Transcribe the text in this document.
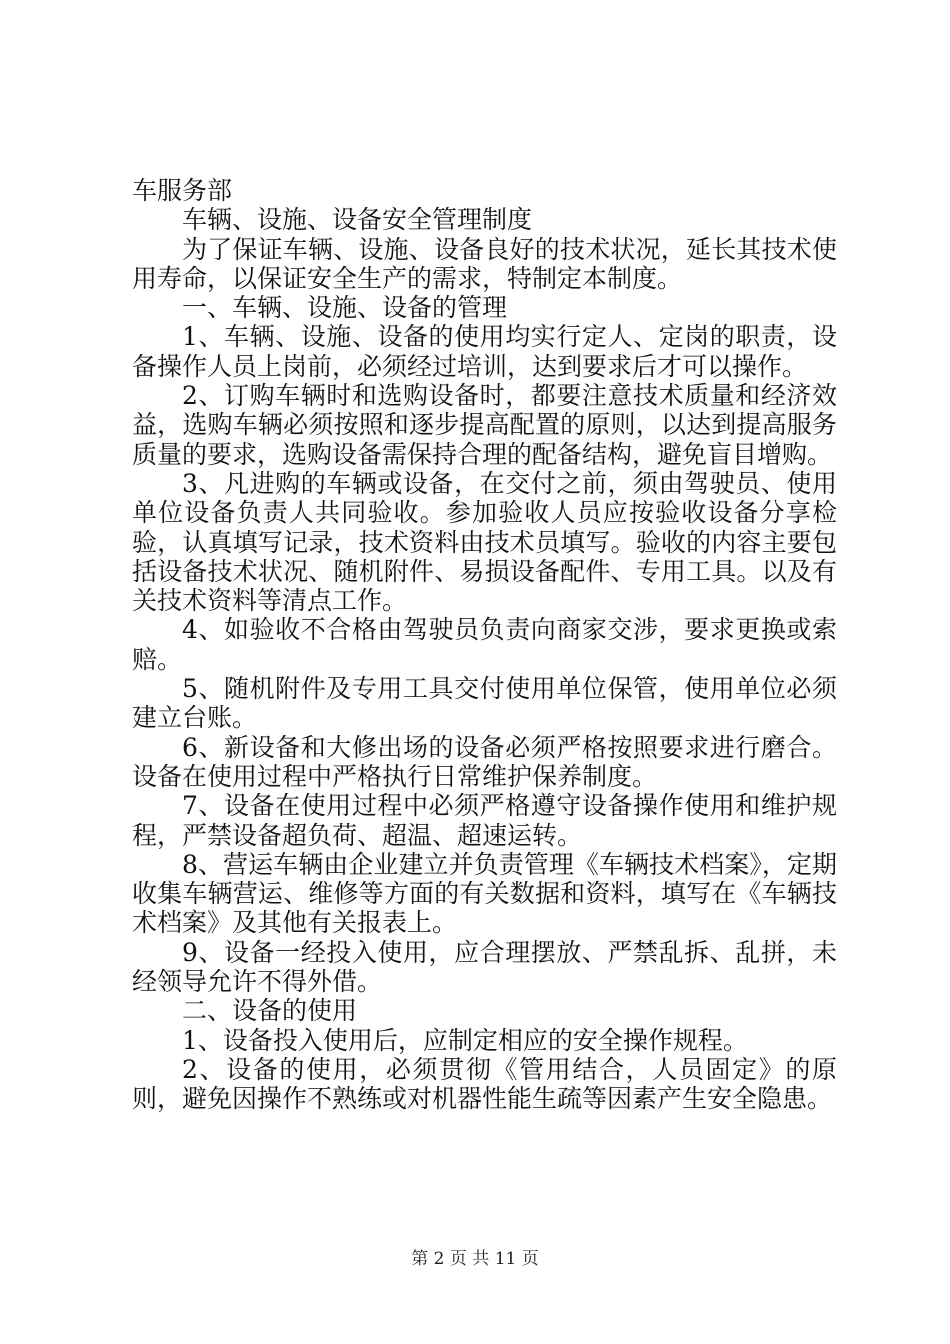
车服务部

车辆、设施、设备安全管理制度

为了保证车辆、设施、设备良好的技术状况，延长其技术使用寿命，以保证安全生产的需求，特制定本制度。

一、车辆、设施、设备的管理

1、车辆、设施、设备的使用均实行定人、定岗的职责，设备操作人员上岗前，必须经过培训，达到要求后才可以操作。

2、订购车辆时和选购设备时，都要注意技术质量和经济效益，选购车辆必须按照和逐步提高配置的原则，以达到提高服务质量的要求，选购设备需保持合理的配备结构，避免盲目增购。

3、凡进购的车辆或设备，在交付之前，须由驾驶员、使用单位设备负责人共同验收。参加验收人员应按验收设备分享检验，认真填写记录，技术资料由技术员填写。验收的内容主要包括设备技术状况、随机附件、易损设备配件、专用工具。以及有关技术资料等清点工作。

4、如验收不合格由驾驶员负责向商家交涉，要求更换或索赔。

5、随机附件及专用工具交付使用单位保管，使用单位必须建立台账。

6、新设备和大修出场的设备必须严格按照要求进行磨合。设备在使用过程中严格执行日常维护保养制度。

7、设备在使用过程中必须严格遵守设备操作使用和维护规程，严禁设备超负荷、超温、超速运转。

8、营运车辆由企业建立并负责管理《车辆技术档案》，定期收集车辆营运、维修等方面的有关数据和资料，填写在《车辆技术档案》及其他有关报表上。

9、设备一经投入使用，应合理摆放、严禁乱拆、乱拼，未经领导允许不得外借。

二、设备的使用

1、设备投入使用后，应制定相应的安全操作规程。

2、设备的使用，必须贯彻《管用结合，人员固定》的原则，避免因操作不熟练或对机器性能生疏等因素产生安全隐患。

第 2 页 共 11 页
